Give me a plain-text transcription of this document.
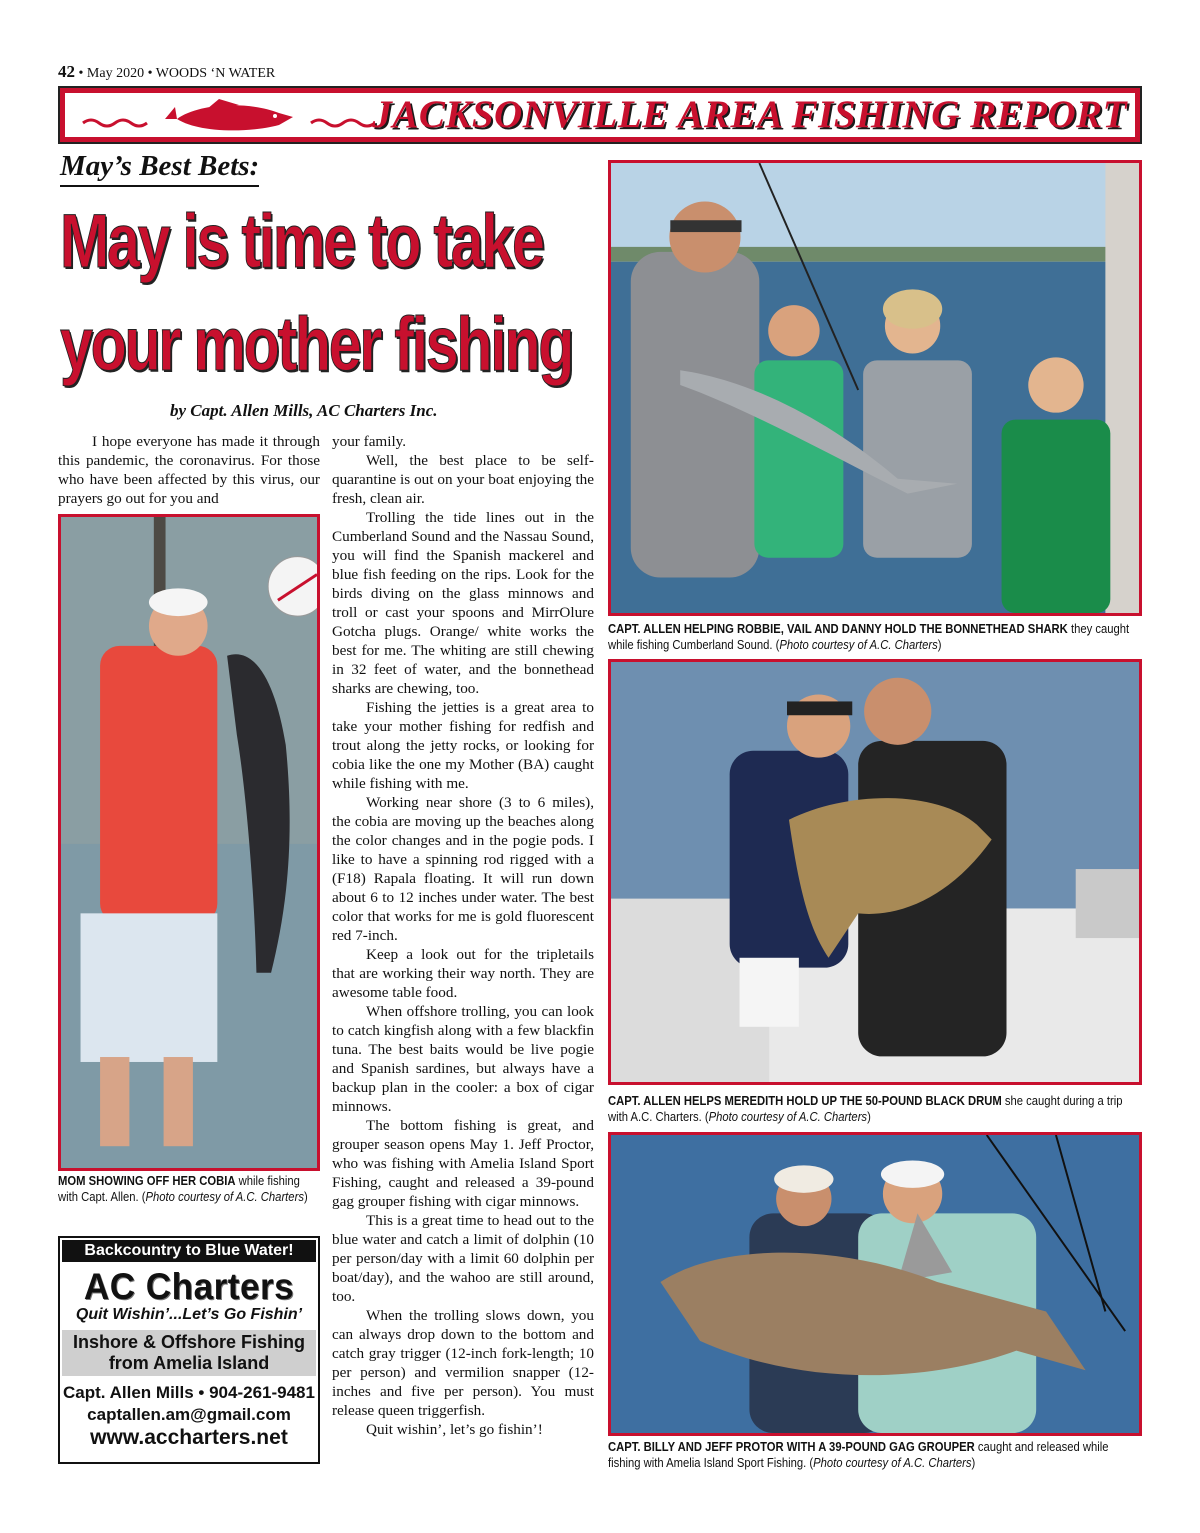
42 • May 2020 • WOODS ‘N WATER
JACKSONVILLE AREA FISHING REPORT
May’s Best Bets:
May is time to take
your mother fishing
by Capt. Allen Mills, AC Charters Inc.

I hope everyone has made it through this pandemic, the coronavirus. For those who have been affected by this virus, our prayers go out for you and

your family.

Well, the best place to be self-quarantine is out on your boat enjoying the fresh, clean air.

Trolling the tide lines out in the Cumberland Sound and the Nassau Sound, you will find the Spanish mackerel and blue fish feeding on the rips. Look for the birds diving on the glass minnows and troll or cast your spoons and MirrOlure Gotcha plugs. Orange/ white works the best for me. The whiting are still chewing in 32 feet of water, and the bonnethead sharks are chewing, too.

Fishing the jetties is a great area to take your mother fishing for redfish and trout along the jetty rocks, or looking for cobia like the one my Mother (BA) caught while fishing with me.

Working near shore (3 to 6 miles), the cobia are moving up the beaches along the color changes and in the pogie pods. I like to have a spinning rod rigged with a (F18) Rapala floating. It will run down about 6 to 12 inches under water. The best color that works for me is gold fluorescent red 7-inch.

Keep a look out for the tripletails that are working their way north. They are awesome table food.

When offshore trolling, you can look to catch kingfish along with a few blackfin tuna. The best baits would be live pogie and Spanish sardines, but always have a backup plan in the cooler: a box of cigar minnows.

The bottom fishing is great, and grouper season opens May 1. Jeff Proctor, who was fishing with Amelia Island Sport Fishing, caught and released a 39-pound gag grouper fishing with cigar minnows.

This is a great time to head out to the blue water and catch a limit of dolphin (10 per person/day with a limit 60 dolphin per boat/day), and the wahoo are still around, too.

When the trolling slows down, you can always drop down to the bottom and catch gray trigger (12-inch fork-length; 10 per person) and vermilion snapper (12-inches and five per person). You must release queen triggerfish.

Quit wishin’, let’s go fishin’!

MOM SHOWING OFF HER COBIA while fishing with Capt. Allen. (Photo courtesy of A.C. Charters)
Backcountry to Blue Water!
AC Charters
Quit Wishin’...Let’s Go Fishin’
Inshore & Offshore Fishing
from Amelia Island
Capt. Allen Mills • 904-261-9481
captallen.am@gmail.com
www.accharters.net
CAPT. ALLEN HELPING ROBBIE, VAIL AND DANNY HOLD THE BONNETHEAD SHARK they caught while fishing Cumberland Sound. (Photo courtesy of A.C. Charters)
CAPT. ALLEN HELPS MEREDITH HOLD UP THE 50-POUND BLACK DRUM she caught during a trip with A.C. Charters. (Photo courtesy of A.C. Charters)
CAPT. BILLY AND JEFF PROTOR WITH A 39-POUND GAG GROUPER caught and released while fishing with Amelia Island Sport Fishing. (Photo courtesy of A.C. Charters)
